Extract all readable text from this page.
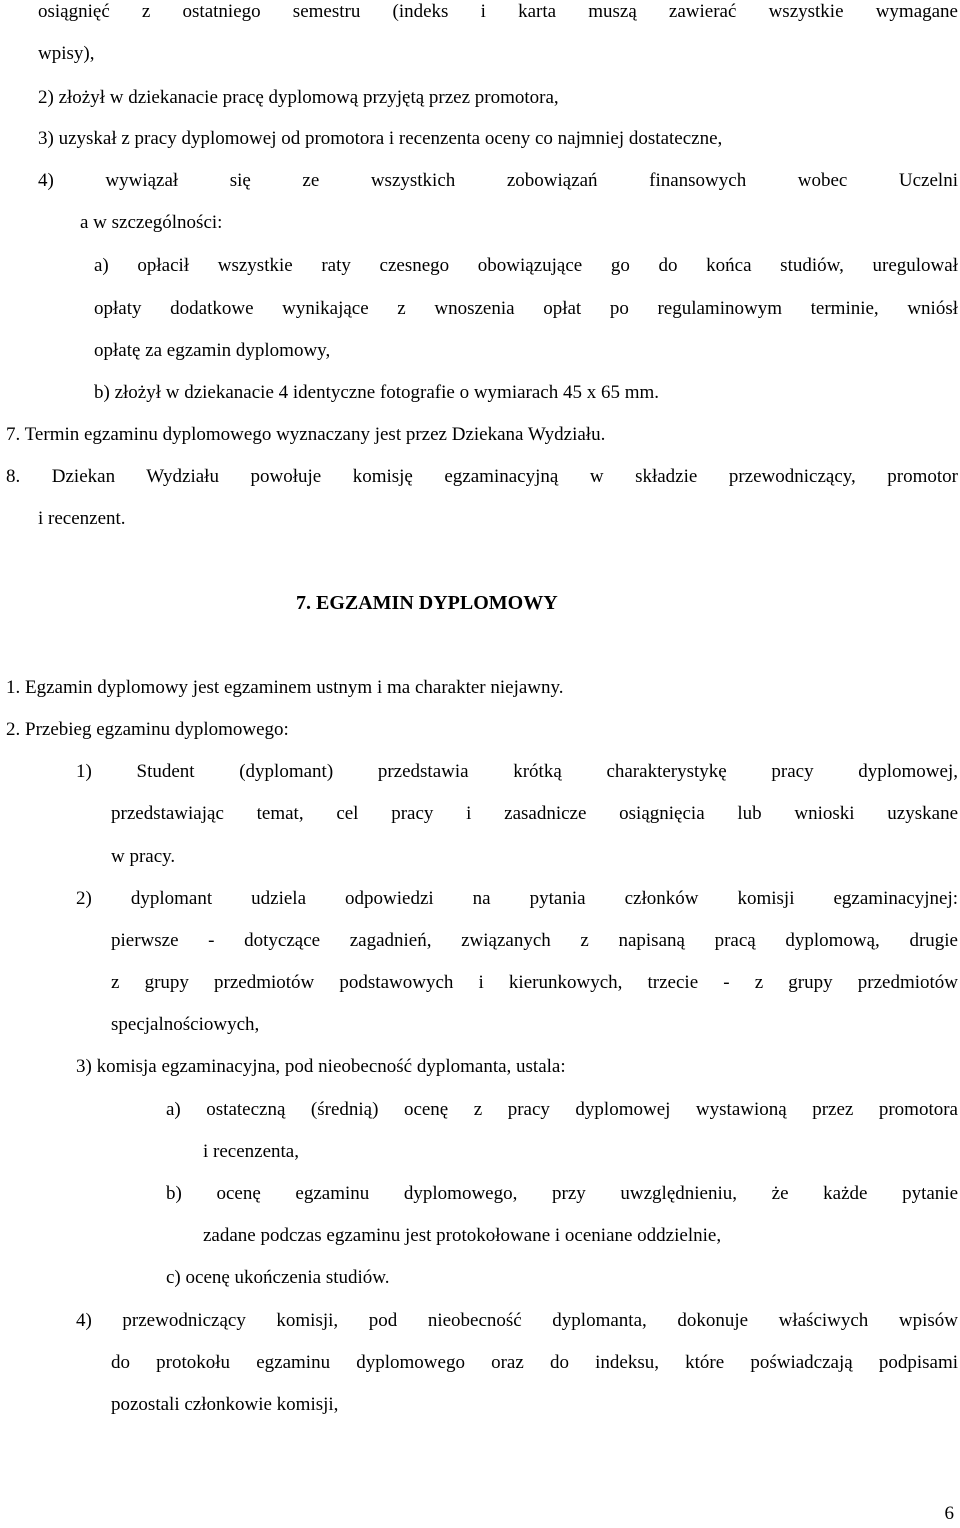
osiągnięć z ostatniego semestru (indeks i karta muszą zawierać wszystkie wymagane
wpisy),
2) złożył w dziekanacie pracę dyplomową przyjętą przez promotora,
3) uzyskał z pracy dyplomowej od promotora i recenzenta oceny co najmniej dostateczne,
4) wywiązał się ze wszystkich zobowiązań finansowych wobec Uczelni
a w szczególności:
a) opłacił wszystkie raty czesnego obowiązujące go do końca studiów, uregulował
opłaty dodatkowe wynikające z wnoszenia opłat po regulaminowym terminie, wniósł
opłatę za egzamin dyplomowy,
b) złożył w dziekanacie 4 identyczne fotografie o wymiarach 45 x 65 mm.
7. Termin egzaminu dyplomowego wyznaczany jest przez Dziekana Wydziału.
8. Dziekan Wydziału powołuje komisję egzaminacyjną w składzie przewodniczący, promotor
i recenzent.
7. EGZAMIN DYPLOMOWY
1. Egzamin dyplomowy jest egzaminem ustnym i ma charakter niejawny.
2. Przebieg egzaminu dyplomowego:
1) Student (dyplomant) przedstawia krótką charakterystykę pracy dyplomowej,
przedstawiając temat, cel pracy i zasadnicze osiągnięcia lub wnioski uzyskane
w pracy.
2) dyplomant udziela odpowiedzi na pytania członków komisji egzaminacyjnej:
pierwsze - dotyczące zagadnień, związanych z napisaną pracą dyplomową, drugie
z grupy przedmiotów podstawowych i kierunkowych, trzecie - z grupy przedmiotów
specjalnościowych,
3) komisja egzaminacyjna, pod nieobecność dyplomanta, ustala:
a) ostateczną (średnią) ocenę z pracy dyplomowej wystawioną przez promotora
i recenzenta,
b) ocenę egzaminu dyplomowego, przy uwzględnieniu, że każde pytanie
zadane podczas egzaminu jest protokołowane i oceniane oddzielnie,
c) ocenę ukończenia studiów.
4) przewodniczący komisji, pod nieobecność dyplomanta, dokonuje właściwych wpisów
do protokołu egzaminu dyplomowego oraz do indeksu, które poświadczają podpisami
pozostali członkowie komisji,
6
